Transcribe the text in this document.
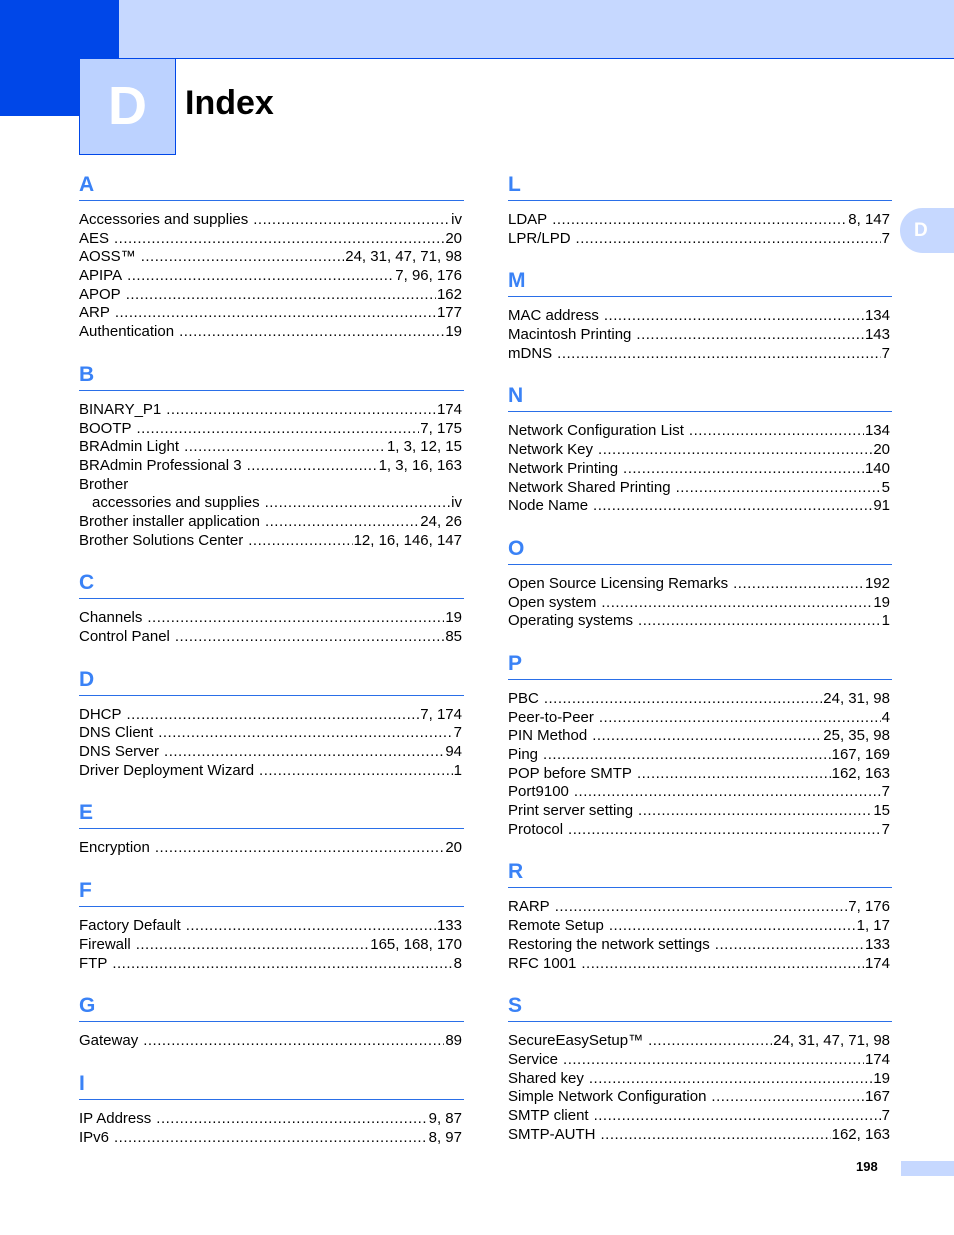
D	Index
D
A
Accessories and supplies .....	iv
AES .....	20
AOSS™ .....	24, 31, 47, 71, 98
APIPA .....	7, 96, 176
APOP .....	162
ARP .....	177
Authentication .....	19
B
BINARY_P1 .....	174
BOOTP .....	7, 175
BRAdmin Light .....	1, 3, 12, 15
BRAdmin Professional 3 .....	1, 3, 16, 163
Brother
accessories and supplies .....	iv
Brother installer application .....	24, 26
Brother Solutions Center .....	12, 16, 146, 147
C
Channels .....	19
Control Panel .....	85
D
DHCP .....	7, 174
DNS Client .....	7
DNS Server .....	94
Driver Deployment Wizard .....	1
E
Encryption .....	20
F
Factory Default .....	133
Firewall .....	165, 168, 170
FTP .....	8
G
Gateway .....	89
I
IP Address .....	9, 87
IPv6 .....	8, 97
L
LDAP .....	8, 147
LPR/LPD .....	7
M
MAC address .....	134
Macintosh Printing .....	143
mDNS .....	7
N
Network Configuration List .....	134
Network Key .....	20
Network Printing .....	140
Network Shared Printing .....	5
Node Name .....	91
O
Open Source Licensing Remarks .....	192
Open system .....	19
Operating systems .....	1
P
PBC .....	24, 31, 98
Peer-to-Peer .....	4
PIN Method .....	25, 35, 98
Ping .....	167, 169
POP before SMTP .....	162, 163
Port9100 .....	7
Print server setting .....	15
Protocol .....	7
R
RARP .....	7, 176
Remote Setup .....	1, 17
Restoring the network settings .....	133
RFC 1001 .....	174
S
SecureEasySetup™ .....	24, 31, 47, 71, 98
Service .....	174
Shared key .....	19
Simple Network Configuration .....	167
SMTP client .....	7
SMTP-AUTH .....	162, 163
198
